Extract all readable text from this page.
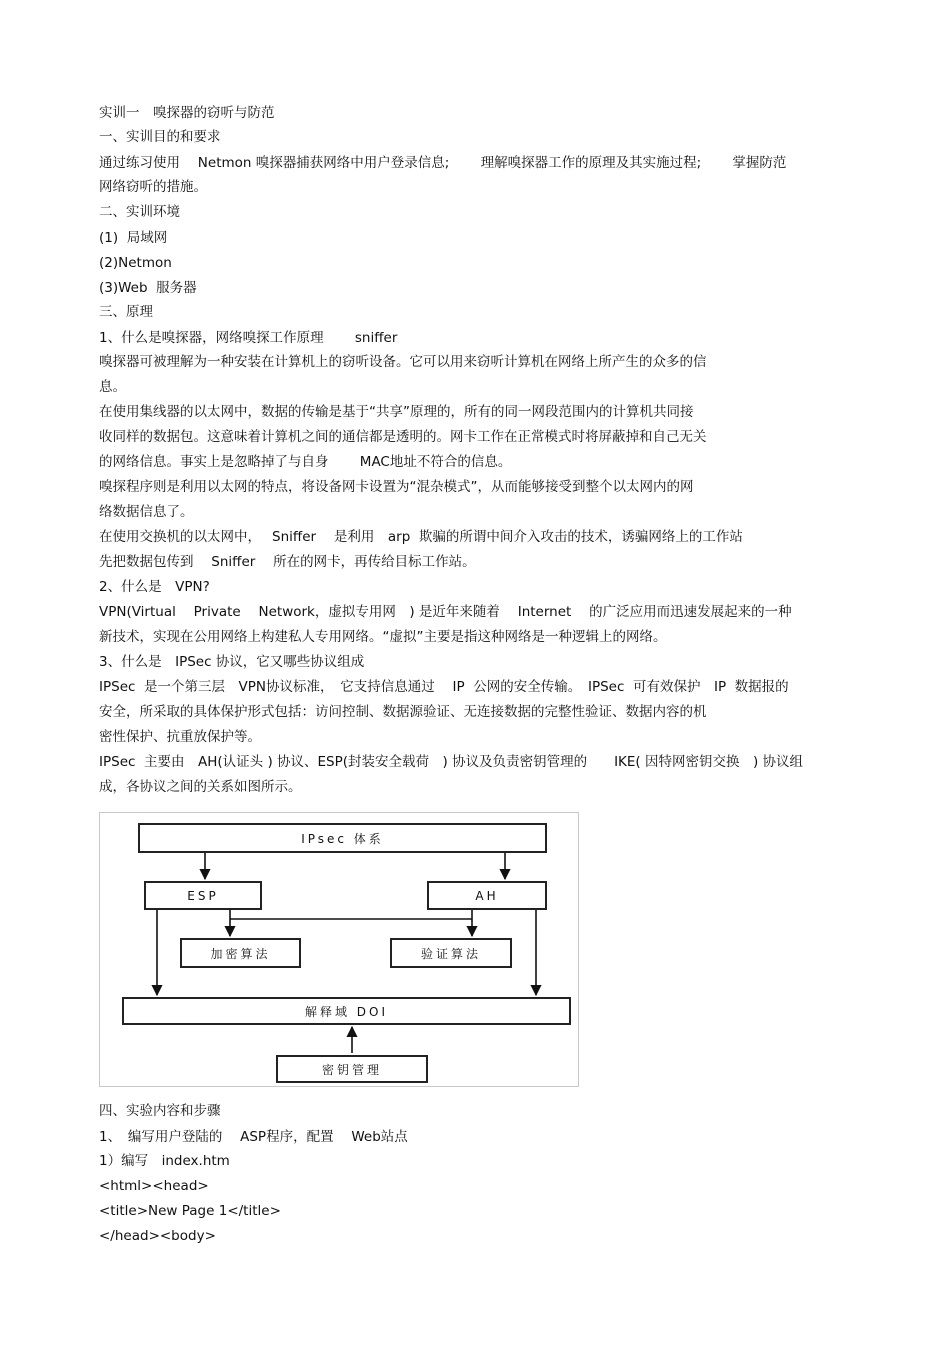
实训一　嗅探器的窃听与防范

一、实训目的和要求

通过练习使用　 Netmon 嗅探器捕获网络中用户登录信息;　　 理解嗅探器工作的原理及其实施过程;　　 掌握防范

网络窃听的措施。

二、实训环境

(1)  局域网

(2)Netmon

(3)Web  服务器

三、原理

1、什么是嗅探器，网络嗅探工作原理　　 sniffer

嗅探器可被理解为一种安装在计算机上的窃听设备。它可以用来窃听计算机在网络上所产生的众多的信

息。

在使用集线器的以太网中，数据的传输是基于“共享”原理的，所有的同一网段范围内的计算机共同接

收同样的数据包。这意味着计算机之间的通信都是透明的。网卡工作在正常模式时将屏蔽掉和自己无关

的网络信息。事实上是忽略掉了与自身　　 MAC地址不符合的信息。

嗅探程序则是利用以太网的特点，将设备网卡设置为“混杂模式”，从而能够接受到整个以太网内的网

络数据信息了。

在使用交换机的以太网中，　 Sniffer　 是利用　arp  欺骗的所谓中间介入攻击的技术，诱骗网络上的工作站

先把数据包传到　 Sniffer　 所在的网卡，再传给目标工作站。

2、什么是　VPN?

VPN(Virtual　 Private　 Network，虚拟专用网　) 是近年来随着　 Internet　 的广泛应用而迅速发展起来的一种

新技术，实现在公用网络上构建私人专用网络。“虚拟”主要是指这种网络是一种逻辑上的网络。

3、什么是　IPSec 协议，它又哪些协议组成

IPSec  是一个第三层　VPN协议标准，　它支持信息通过　 IP  公网的安全传输。　IPSec  可有效保护　IP  数据报的

安全，所采取的具体保护形式包括：访问控制、数据源验证、无连接数据的完整性验证、数据内容的机

密性保护、抗重放保护等。

IPSec  主要由　AH(认证头 ) 协议、ESP(封装安全载荷　) 协议及负责密钥管理的　　IKE( 因特网密钥交换　) 协议组

成，各协议之间的关系如图所示。

IPsec 体系
ESP	AH
加密算法	验证算法
解释域 DOI
密钥管理

四、实验内容和步骤

1、　编写用户登陆的　 ASP程序，配置　 Web站点

1）编写　index.htm

<html><head>

<title>New Page 1</title>

</head><body>
